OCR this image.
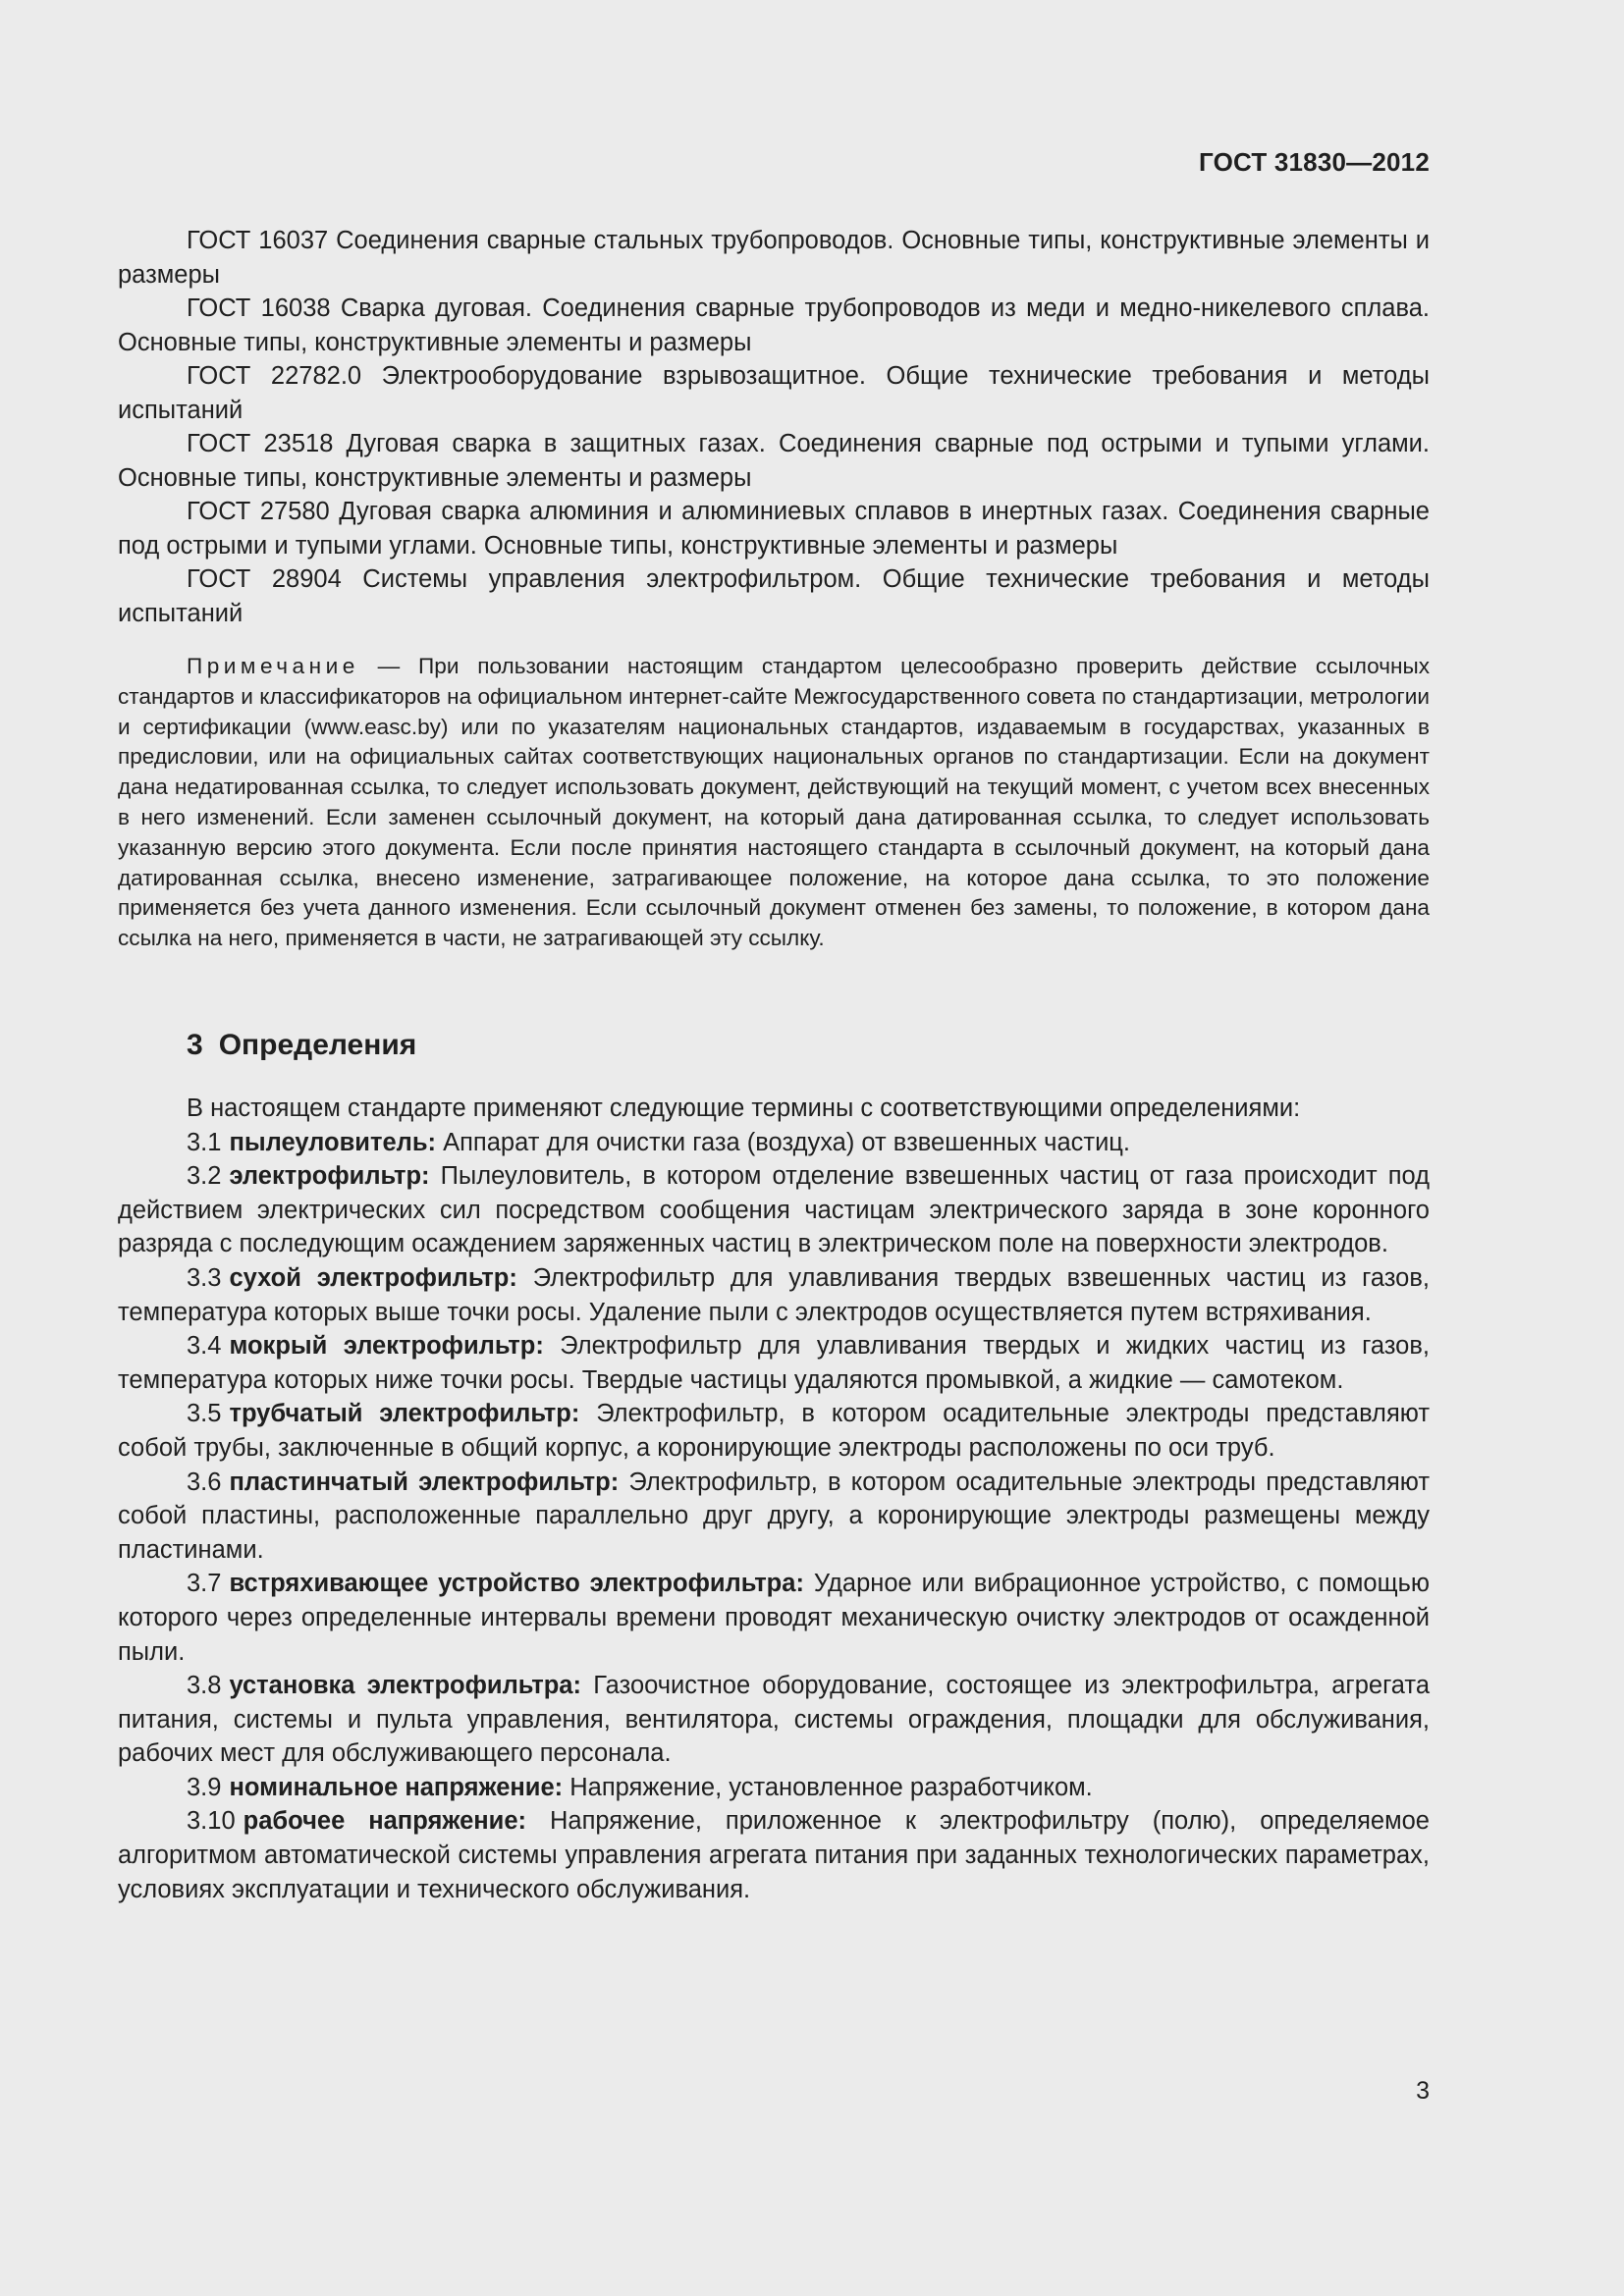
ГОСТ 31830—2012

ГОСТ 16037 Соединения сварные стальных трубопроводов. Основные типы, конструктивные элементы и размеры

ГОСТ 16038 Сварка дуговая. Соединения сварные трубопроводов из меди и медно-никелевого сплава. Основные типы, конструктивные элементы и размеры

ГОСТ 22782.0 Электрооборудование взрывозащитное. Общие технические требования и методы испытаний

ГОСТ 23518 Дуговая сварка в защитных газах. Соединения сварные под острыми и тупыми углами. Основные типы, конструктивные элементы и размеры

ГОСТ 27580 Дуговая сварка алюминия и алюминиевых сплавов в инертных газах. Соединения сварные под острыми и тупыми углами. Основные типы, конструктивные элементы и размеры

ГОСТ 28904 Системы управления электрофильтром. Общие технические требования и методы испытаний

Примечание — При пользовании настоящим стандартом целесообразно проверить действие ссылочных стандартов и классификаторов на официальном интернет-сайте Межгосударственного совета по стандартизации, метрологии и сертификации (www.easc.by) или по указателям национальных стандартов, издаваемым в государствах, указанных в предисловии, или на официальных сайтах соответствующих национальных органов по стандартизации. Если на документ дана недатированная ссылка, то следует использовать документ, действующий на текущий момент, с учетом всех внесенных в него изменений. Если заменен ссылочный документ, на который дана датированная ссылка, то следует использовать указанную версию этого документа. Если после принятия настоящего стандарта в ссылочный документ, на который дана датированная ссылка, внесено изменение, затрагивающее положение, на которое дана ссылка, то это положение применяется без учета данного изменения. Если ссылочный документ отменен без замены, то положение, в котором дана ссылка на него, применяется в части, не затрагивающей эту ссылку.

3 Определения

В настоящем стандарте применяют следующие термины с соответствующими определениями:

3.1 пылеуловитель: Аппарат для очистки газа (воздуха) от взвешенных частиц.

3.2 электрофильтр: Пылеуловитель, в котором отделение взвешенных частиц от газа происходит под действием электрических сил посредством сообщения частицам электрического заряда в зоне коронного разряда с последующим осаждением заряженных частиц в электрическом поле на поверхности электродов.

3.3 сухой электрофильтр: Электрофильтр для улавливания твердых взвешенных частиц из газов, температура которых выше точки росы. Удаление пыли с электродов осуществляется путем встряхивания.

3.4 мокрый электрофильтр: Электрофильтр для улавливания твердых и жидких частиц из газов, температура которых ниже точки росы. Твердые частицы удаляются промывкой, а жидкие — самотеком.

3.5 трубчатый электрофильтр: Электрофильтр, в котором осадительные электроды представляют собой трубы, заключенные в общий корпус, а коронирующие электроды расположены по оси труб.

3.6 пластинчатый электрофильтр: Электрофильтр, в котором осадительные электроды представляют собой пластины, расположенные параллельно друг другу, а коронирующие электроды размещены между пластинами.

3.7 встряхивающее устройство электрофильтра: Ударное или вибрационное устройство, с помощью которого через определенные интервалы времени проводят механическую очистку электродов от осажденной пыли.

3.8 установка электрофильтра: Газоочистное оборудование, состоящее из электрофильтра, агрегата питания, системы и пульта управления, вентилятора, системы ограждения, площадки для обслуживания, рабочих мест для обслуживающего персонала.

3.9 номинальное напряжение: Напряжение, установленное разработчиком.

3.10 рабочее напряжение: Напряжение, приложенное к электрофильтру (полю), определяемое алгоритмом автоматической системы управления агрегата питания при заданных технологических параметрах, условиях эксплуатации и технического обслуживания.

3
